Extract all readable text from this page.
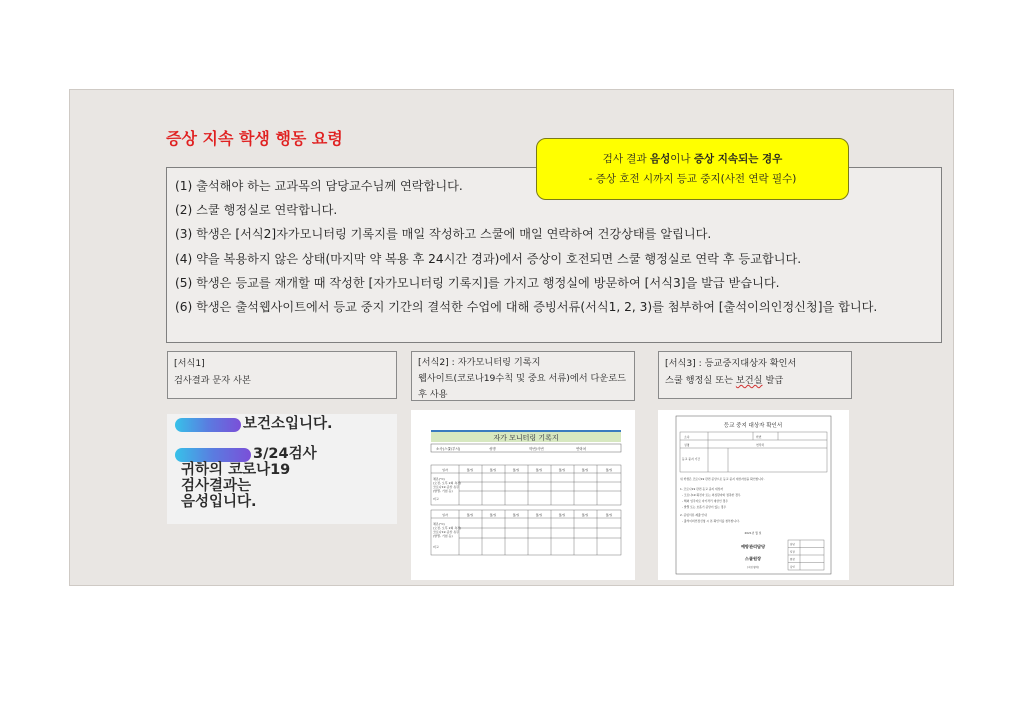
증상 지속 학생 행동 요령
검사 결과 음성이나 증상 지속되는 경우
- 증상 호전 시까지 등교 중지(사전 연락 필수)

(1) 출석해야 하는 교과목의 담당교수님께 연락합니다.

(2) 스쿨 행정실로 연락합니다.

(3) 학생은 [서식2]자가모니터링 기록지를 매일 작성하고 스쿨에 매일 연락하여 건강상태를 알립니다.

(4) 약을 복용하지 않은 상태(마지막 약 복용 후 24시간 경과)에서 증상이 호전되면 스쿨 행정실로 연락 후 등교합니다.

(5) 학생은 등교를 재개할 때 작성한 [자가모니터링 기록지]를 가지고 행정실에 방문하여 [서식3]을 발급 받습니다.

(6) 학생은 출석웹사이트에서 등교 중지 기간의 결석한 수업에 대해 증빙서류(서식1, 2, 3)를 첨부하여 [출석이의인정신청]을 합니다.

[서식1]

검사결과 문자 사본

[서식2] : 자가모니터링 기록지

웹사이트(코로나19수칙 및 중요 서류)에서 다운로드 후 사용

[서식3] : 등교중지대상자 확인서

스쿨 행정실 또는 보건실 발급

보건소입니다.
3/24검사
귀하의 코로나19
검사결과는
음성입니다.
자가 모니터링 기록지
소속(스쿨/부서)	성명	학번/사번	연락처
일자
일자
체온(°C)
(오전, 오후 2회 측정)
코로나19 증상 유무
(발열, 기침 등)
비고
체온(°C)
(오전, 오후 2회 측정)
코로나19 증상 유무
(발열, 기침 등)
비고
월/일	월/일	월/일	월/일	월/일	월/일	월/일
월/일	월/일	월/일	월/일	월/일	월/일	월/일
등교 중지 대상자 확인서
소속	학번
성명	연락처
등교 중지 기간
위 학생은 코로나19 관련 증상으로 등교 중지 대상자임을 확인합니다.
1. 코로나19 관련 등교 중지 대상자
- 코로나19 확진자 또는 의심환자와 접촉한 경우
- 해외 입국자로 자가격리 대상인 경우
- 발열 또는 호흡기 증상이 있는 경우
2. 증빙서류 제출 안내
- 출석이의인정신청 시 본 확인서를 첨부합니다.
2021년 월 일
예방관리담당
스쿨원장
(직인생략)
담당
팀장
원장
날인
